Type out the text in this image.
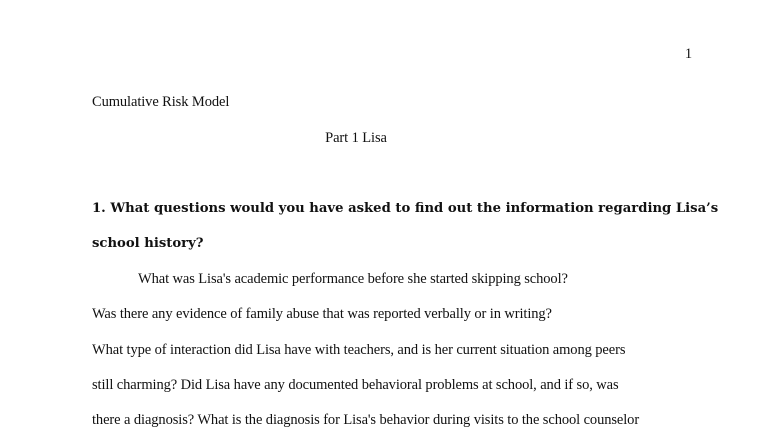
1
Cumulative Risk Model
Part 1 Lisa
1. What questions would you have asked to find out the information regarding Lisa’s
school history?
What was Lisa's academic performance before she started skipping school?
Was there any evidence of family abuse that was reported verbally or in writing?
What type of interaction did Lisa have with teachers, and is her current situation among peers
still charming? Did Lisa have any documented behavioral problems at school, and if so, was
there a diagnosis? What is the diagnosis for Lisa's behavior during visits to the school counselor
